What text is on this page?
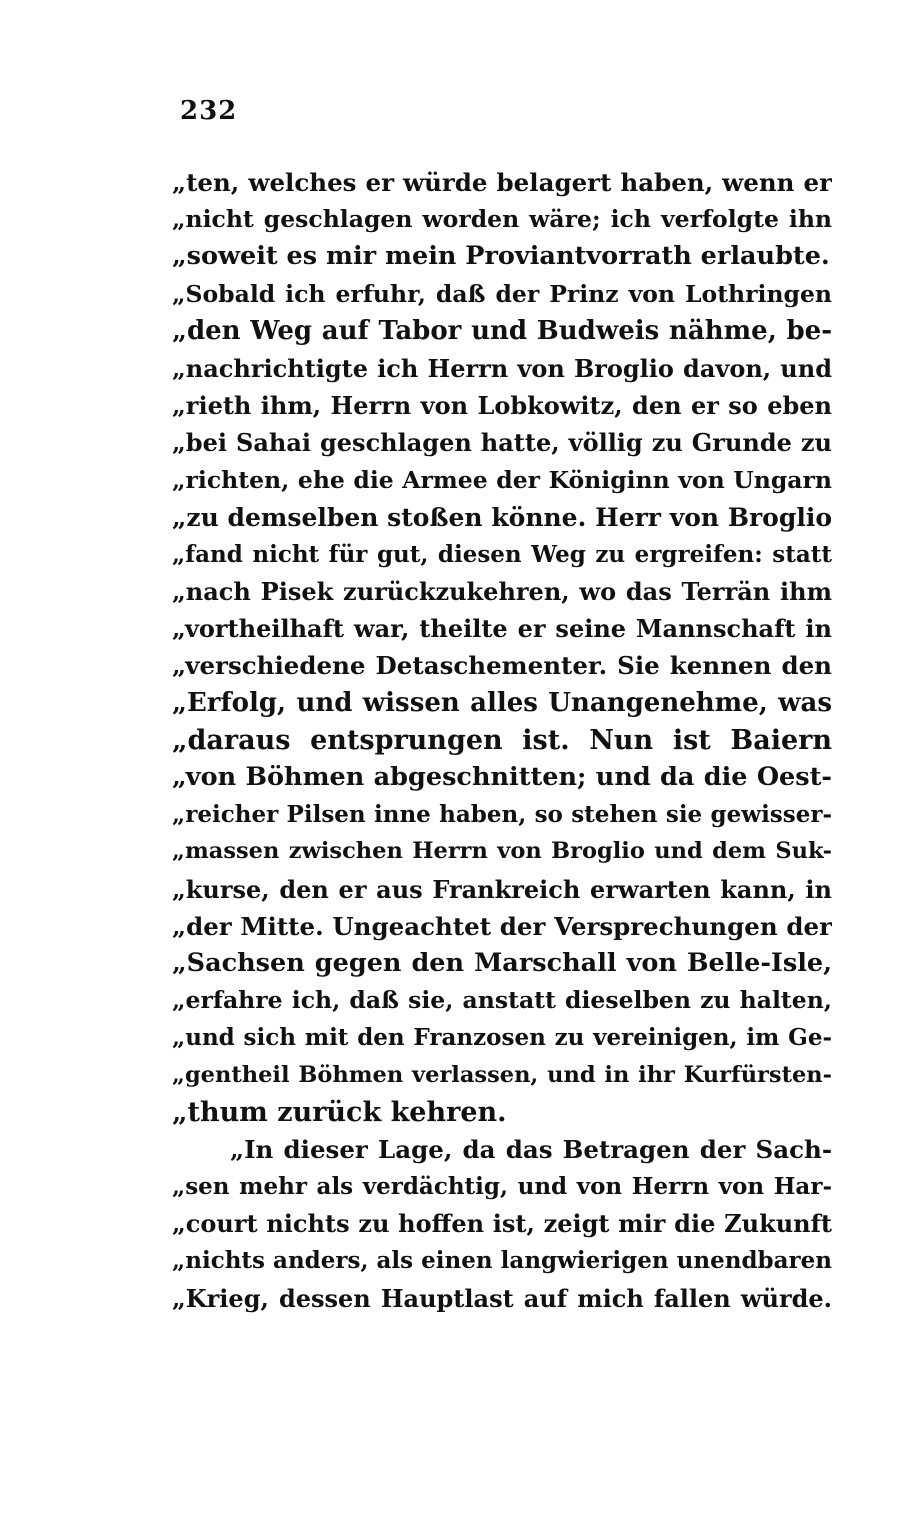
232
„ten, welches er würde belagert haben, wenn er
„nicht geschlagen worden wäre; ich verfolgte ihn
„soweit es mir mein Proviantvorrath erlaubte.
„Sobald ich erfuhr, daß der Prinz von Lothringen
„den Weg auf Tabor und Budweis nähme, be-
„nachrichtigte ich Herrn von Broglio davon, und
„rieth ihm, Herrn von Lobkowitz, den er so eben
„bei Sahai geschlagen hatte, völlig zu Grunde zu
„richten, ehe die Armee der Königinn von Ungarn
„zu demselben stoßen könne. Herr von Broglio
„fand nicht für gut, diesen Weg zu ergreifen: statt
„nach Pisek zurückzukehren, wo das Terrän ihm
„vortheilhaft war, theilte er seine Mannschaft in
„verschiedene Detaschementer. Sie kennen den
„Erfolg, und wissen alles Unangenehme, was
„daraus entsprungen ist. Nun ist Baiern
„von Böhmen abgeschnitten; und da die Oest-
„reicher Pilsen inne haben, so stehen sie gewisser-
„massen zwischen Herrn von Broglio und dem Suk-
„kurse, den er aus Frankreich erwarten kann, in
„der Mitte. Ungeachtet der Versprechungen der
„Sachsen gegen den Marschall von Belle-Isle,
„erfahre ich, daß sie, anstatt dieselben zu halten,
„und sich mit den Franzosen zu vereinigen, im Ge-
„gentheil Böhmen verlassen, und in ihr Kurfürsten-
„thum zurück kehren.
„In dieser Lage, da das Betragen der Sach-
„sen mehr als verdächtig, und von Herrn von Har-
„court nichts zu hoffen ist, zeigt mir die Zukunft
„nichts anders, als einen langwierigen unendbaren
„Krieg, dessen Hauptlast auf mich fallen würde.
